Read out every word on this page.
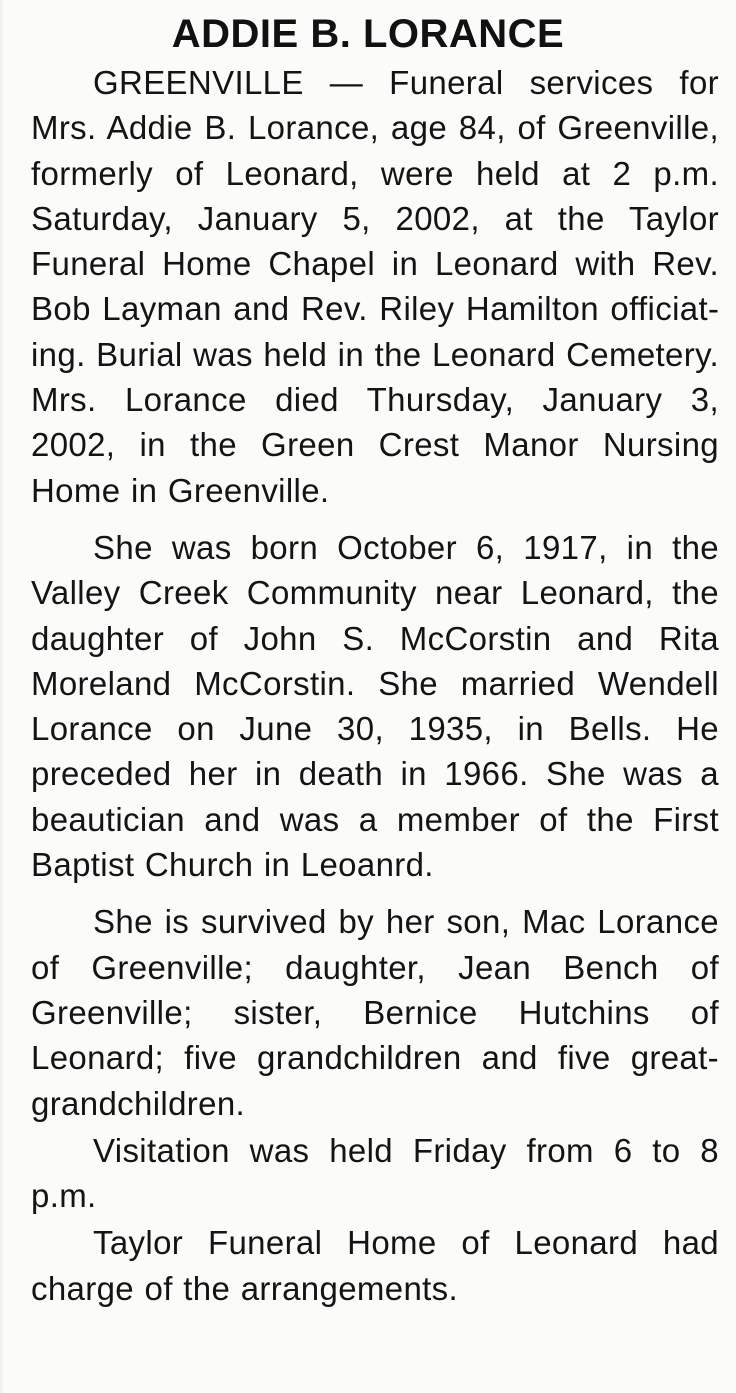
ADDIE B. LORANCE

GREENVILLE — Funeral services for Mrs. Addie B. Lorance, age 84, of Greenville, formerly of Leonard, were held at 2 p.m. Saturday, January 5, 2002, at the Taylor Funeral Home Chapel in Leonard with Rev. Bob Layman and Rev. Riley Hamilton officiating. Burial was held in the Leonard Cemetery. Mrs. Lorance died Thursday, January 3, 2002, in the Green Crest Manor Nursing Home in Greenville.

She was born October 6, 1917, in the Valley Creek Community near Leonard, the daughter of John S. McCorstin and Rita Moreland McCorstin. She married Wendell Lorance on June 30, 1935, in Bells. He preceded her in death in 1966. She was a beautician and was a member of the First Baptist Church in Leoanrd.

She is survived by her son, Mac Lorance of Greenville; daughter, Jean Bench of Greenville; sister, Bernice Hutchins of Leonard; five grandchildren and five great-grandchildren.

Visitation was held Friday from 6 to 8 p.m.

Taylor Funeral Home of Leonard had charge of the arrangements.
